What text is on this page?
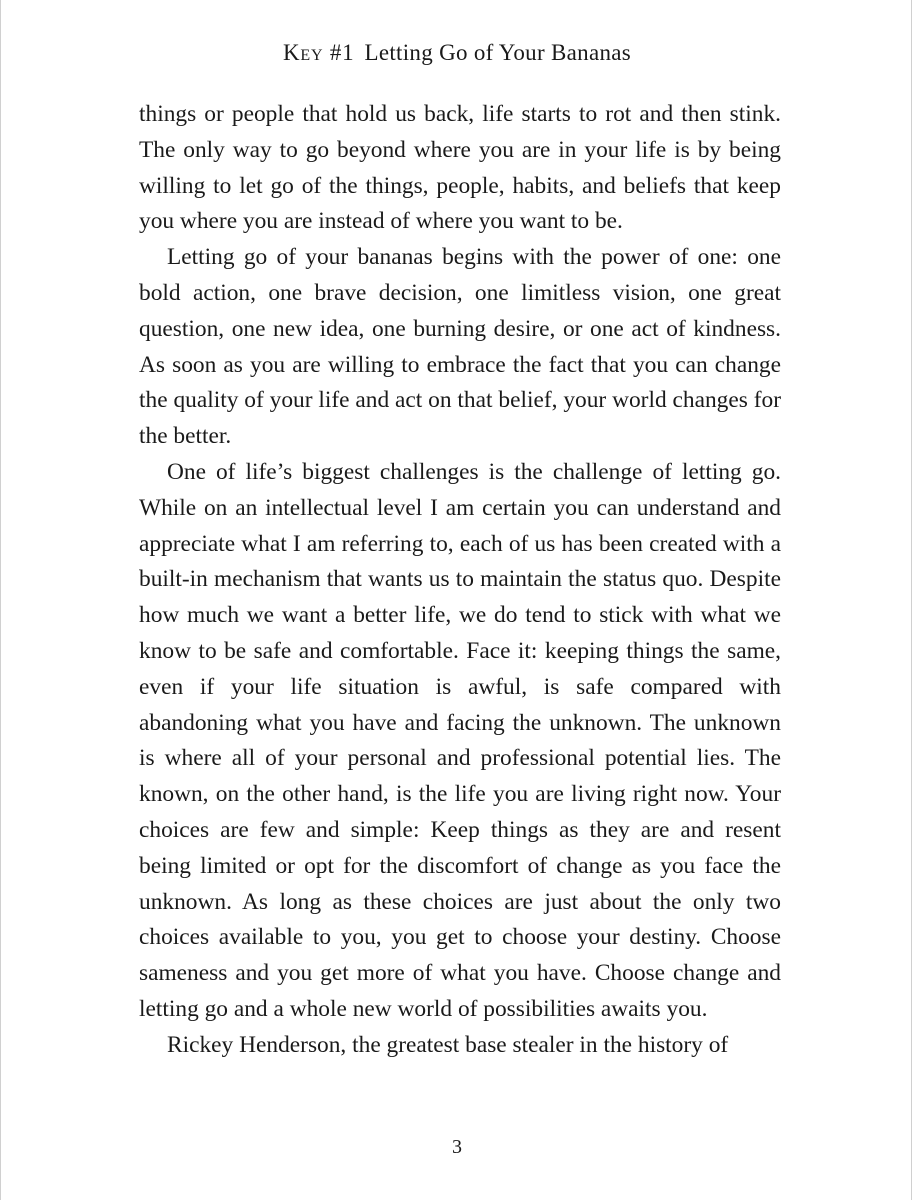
Key #1 Letting Go of Your Bananas

things or people that hold us back, life starts to rot and then stink. The only way to go beyond where you are in your life is by being willing to let go of the things, people, habits, and beliefs that keep you where you are instead of where you want to be.

Letting go of your bananas begins with the power of one: one bold action, one brave decision, one limitless vision, one great question, one new idea, one burning desire, or one act of kindness. As soon as you are willing to embrace the fact that you can change the quality of your life and act on that belief, your world changes for the better.

One of life’s biggest challenges is the challenge of letting go. While on an intellectual level I am certain you can understand and appreciate what I am referring to, each of us has been created with a built-in mechanism that wants us to maintain the status quo. Despite how much we want a better life, we do tend to stick with what we know to be safe and comfortable. Face it: keeping things the same, even if your life situation is awful, is safe compared with abandoning what you have and facing the unknown. The unknown is where all of your personal and professional potential lies. The known, on the other hand, is the life you are living right now. Your choices are few and simple: Keep things as they are and resent being limited or opt for the discomfort of change as you face the unknown. As long as these choices are just about the only two choices available to you, you get to choose your destiny. Choose sameness and you get more of what you have. Choose change and letting go and a whole new world of possibilities awaits you.

Rickey Henderson, the greatest base stealer in the history of

3
